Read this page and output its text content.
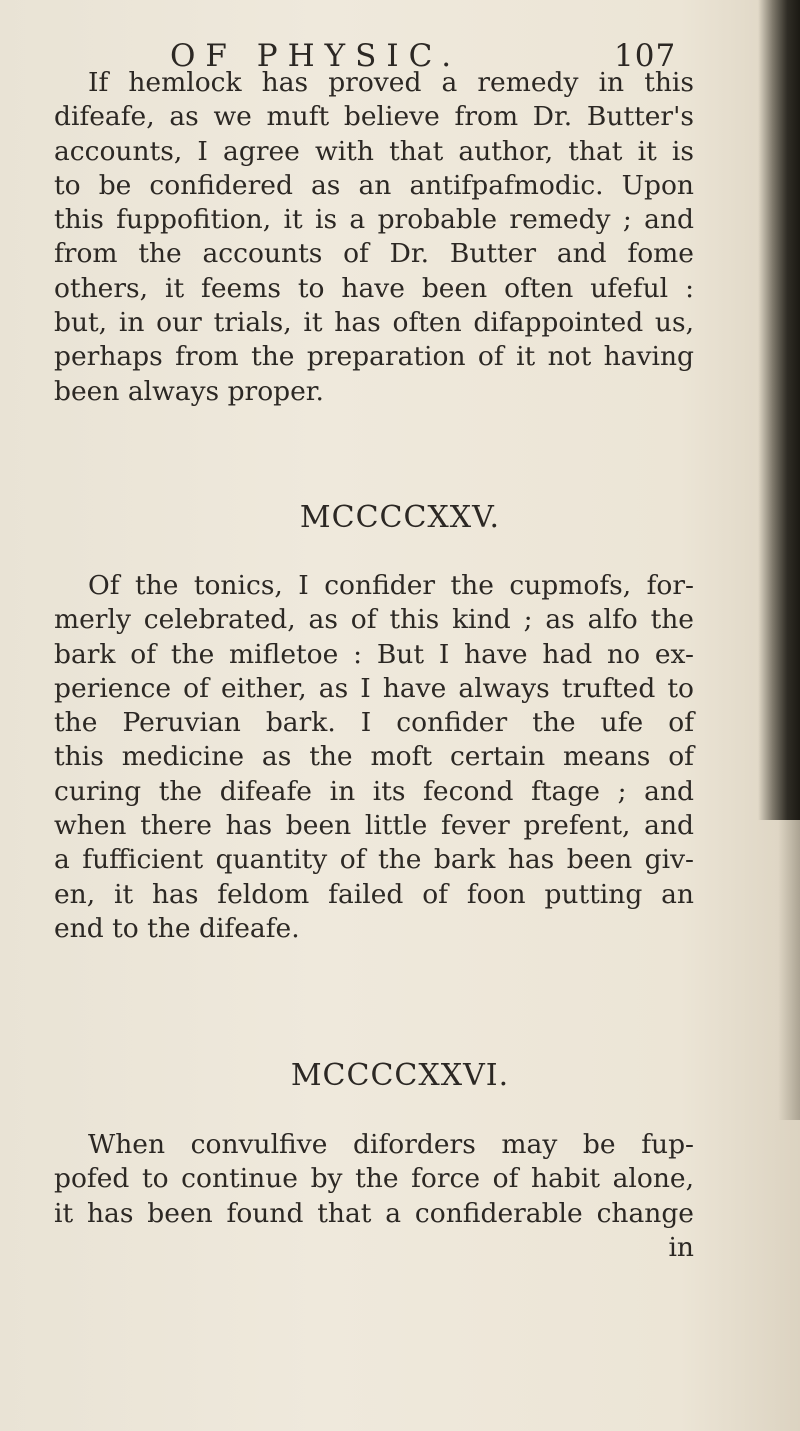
OF PHYSIC.	107
If hemlock has proved a remedy in this
difeafe, as we muft believe from Dr. Butter's
accounts, I agree with that author, that it is
to be confidered as an antifpafmodic. Upon
this fuppofition, it is a probable remedy ; and
from the accounts of Dr. Butter and fome
others, it feems to have been often ufeful :
but, in our trials, it has often difappointed us,
perhaps from the preparation of it not having
been always proper.

MCCCCXXV.

Of the tonics, I confider the cupmofs, for-
merly celebrated, as of this kind ; as alfo the
bark of the mifletoe : But I have had no ex-
perience of either, as I have always trufted to
the Peruvian bark. I confider the ufe of
this medicine as the moft certain means of
curing the difeafe in its fecond ftage ; and
when there has been little fever prefent, and
a fufficient quantity of the bark has been giv-
en, it has feldom failed of foon putting an
end to the difeafe.

MCCCCXXVI.

When convulfive diforders may be fup-
pofed to continue by the force of habit alone,
it has been found that a confiderable change
in
